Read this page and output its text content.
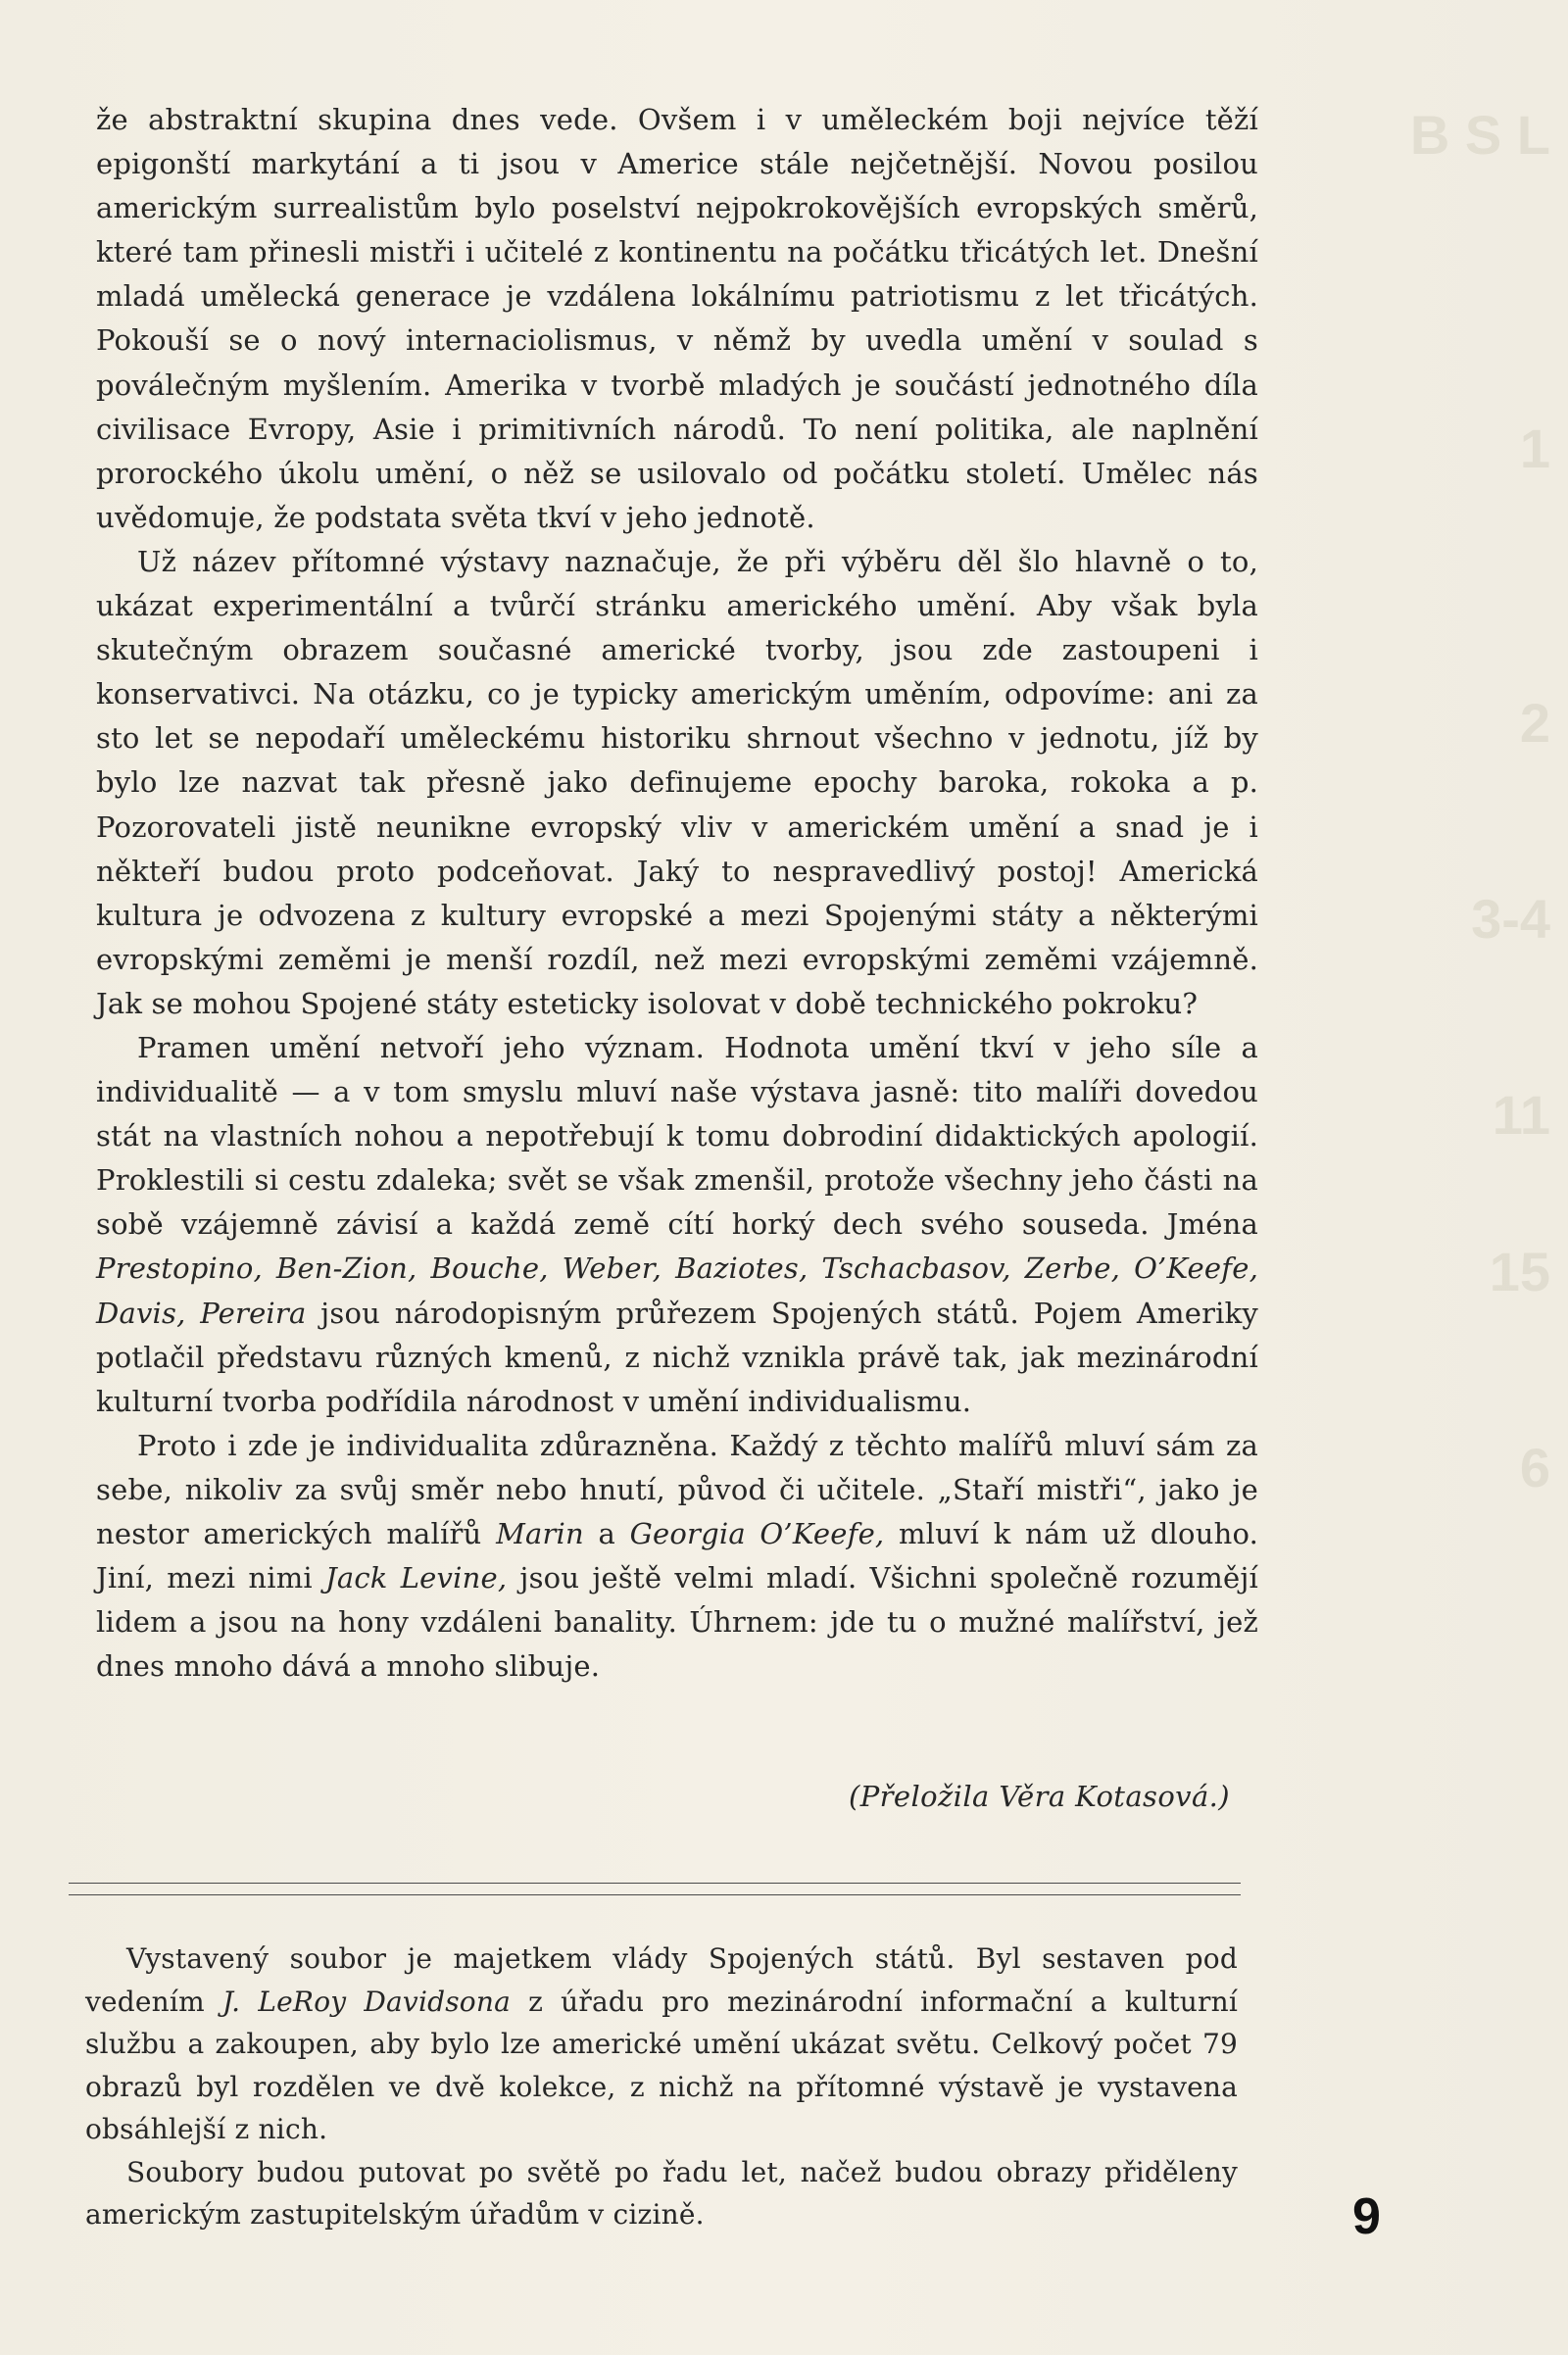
B S L
1
2
3-4
11
15
6

že abstraktní skupina dnes vede. Ovšem i v uměleckém boji nejvíce těží epigonští markytání a ti jsou v Americe stále nejčetnější. Novou posilou americkým surrealistům bylo poselství nejpokrokovějších evropských směrů, které tam přinesli mistři i učitelé z kontinentu na počátku třicátých let. Dnešní mladá umělecká generace je vzdálena lokálnímu patriotismu z let třicátých. Pokouší se o nový internaciolismus, v němž by uvedla umění v soulad s poválečným myšlením. Amerika v tvorbě mladých je součástí jednotného díla civilisace Evropy, Asie i primitivních národů. To není politika, ale naplnění prorockého úkolu umění, o něž se usilovalo od počátku století. Umělec nás uvědomuje, že podstata světa tkví v jeho jednotě.

Už název přítomné výstavy naznačuje, že při výběru děl šlo hlavně o to, ukázat experimentální a tvůrčí stránku amerického umění. Aby však byla skutečným obrazem současné americké tvorby, jsou zde zastoupeni i konservativci. Na otázku, co je typicky americkým uměním, odpovíme: ani za sto let se nepodaří uměleckému historiku shrnout všechno v jednotu, jíž by bylo lze nazvat tak přesně jako definujeme epochy baroka, rokoka a p. Pozorovateli jistě neunikne evropský vliv v americkém umění a snad je i někteří budou proto podceňovat. Jaký to nespravedlivý postoj! Americká kultura je odvozena z kultury evropské a mezi Spojenými státy a některými evropskými zeměmi je menší rozdíl, než mezi evropskými zeměmi vzájemně. Jak se mohou Spojené státy esteticky isolovat v době technického pokroku?

Pramen umění netvoří jeho význam. Hodnota umění tkví v jeho síle a individualitě — a v tom smyslu mluví naše výstava jasně: tito malíři dovedou stát na vlastních nohou a nepotřebují k tomu dobrodiní didaktických apologií. Proklestili si cestu zdaleka; svět se však zmenšil, protože všechny jeho části na sobě vzájemně závisí a každá země cítí horký dech svého souseda. Jména Prestopino, Ben-Zion, Bouche, Weber, Baziotes, Tschacbasov, Zerbe, O’Keefe, Davis, Pereira jsou národopisným průřezem Spojených států. Pojem Ameriky potlačil představu různých kmenů, z nichž vznikla právě tak, jak mezinárodní kulturní tvorba podřídila národnost v umění individualismu.

Proto i zde je individualita zdůrazněna. Každý z těchto malířů mluví sám za sebe, nikoliv za svůj směr nebo hnutí, původ či učitele. „Staří mistři“, jako je nestor amerických malířů Marin a Georgia O’Keefe, mluví k nám už dlouho. Jiní, mezi nimi Jack Levine, jsou ještě velmi mladí. Všichni společně rozumějí lidem a jsou na hony vzdáleni banality. Úhrnem: jde tu o mužné malířství, jež dnes mnoho dává a mnoho slibuje.

(Přeložila Věra Kotasová.)

Vystavený soubor je majetkem vlády Spojených států. Byl sestaven pod vedením J. LeRoy Davidsona z úřadu pro mezinárodní informační a kulturní službu a zakoupen, aby bylo lze americké umění ukázat světu. Celkový počet 79 obrazů byl rozdělen ve dvě kolekce, z nichž na přítomné výstavě je vystavena obsáhlejší z nich.

Soubory budou putovat po světě po řadu let, načež budou obrazy přiděleny americkým zastupitelským úřadům v cizině.	9
